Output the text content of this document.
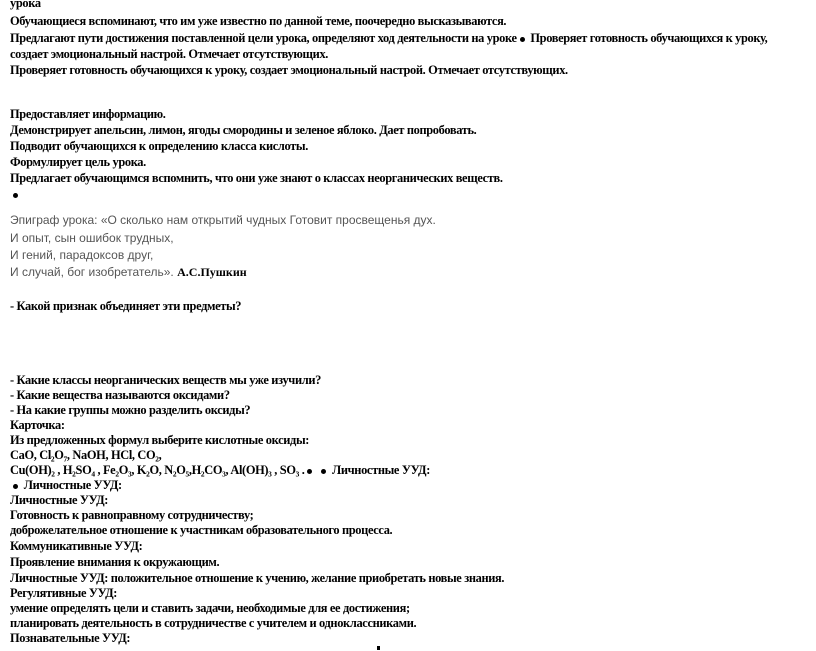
урока
Обучающиеся вспоминают, что им уже известно по данной теме, поочередно высказываются.
Предлагают пути достижения поставленной цели урока, определяют ход деятельности на уроке Проверяет готовность обучающихся к уроку,
создает эмоциональный настрой. Отмечает отсутствующих.
Проверяет готовность обучающихся к уроку, создает эмоциональный настрой. Отмечает отсутствующих.
Предоставляет информацию.
Демонстрирует апельсин, лимон, ягоды смородины и зеленое яблоко. Дает попробовать.
Подводит обучающихся к определению класса кислоты.
Формулирует цель урока.
Предлагает обучающимся вспомнить, что они уже знают о классах неорганических веществ.
Эпиграф урока: «О сколько нам открытий чудных Готовит просвещенья дух.
И опыт, сын ошибок трудных,
И гений, парадоксов друг,
И случай, бог изобретатель». А.С.Пушкин
- Какой признак объединяет эти предметы?
- Какие классы неорганических веществ мы уже изучили?
- Какие вещества называются оксидами?
- На какие группы можно разделить оксиды?
Карточка:
Из предложенных формул выберите кислотные оксиды:
CaO, Cl₂O₇, NaOH, HCl, CO₂,
Cu(OH)₂ , H₂SO₄ , Fe₂O₃, K₂O, N₂O₅,H₂CO₃, Al(OH)₃ , SO₃ . Личностные УУД:
Личностные УУД:
Личностные УУД:
Готовность к равноправному сотрудничеству;
доброжелательное отношение к участникам образовательного процесса.
Коммуникативные УУД:
Проявление внимания к окружающим.
Личностные УУД: положительное отношение к учению, желание приобретать новые знания.
Регулятивные УУД:
умение определять цели и ставить задачи, необходимые для ее достижения;
планировать деятельность в сотрудничестве с учителем и одноклассниками.
Познавательные УУД:
